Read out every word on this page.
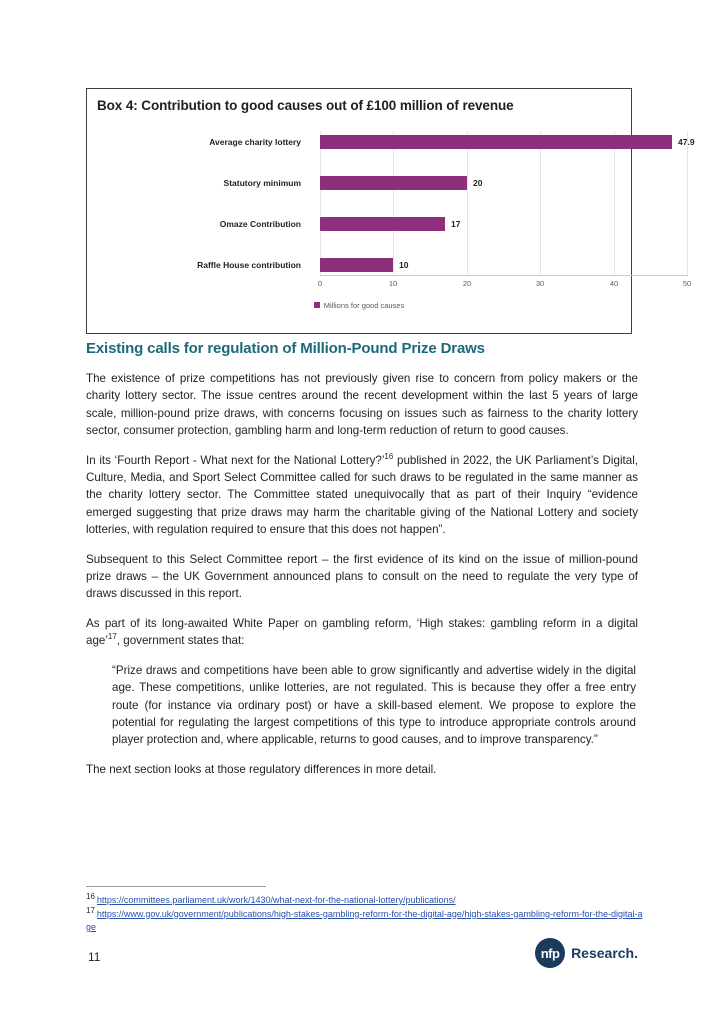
Box 4: Contribution to good causes out of £100 million of revenue
Average charity lottery	47.9
Statutory minimum	20
Omaze Contribution	17
Raffle House contribution	10
0	10	20	30	40	50
Millions for good causes
Existing calls for regulation of Million-Pound Prize Draws

The existence of prize competitions has not previously given rise to concern from policy makers or the charity lottery sector. The issue centres around the recent development within the last 5 years of large scale, million-pound prize draws, with concerns focusing on issues such as fairness to the charity lottery sector, consumer protection, gambling harm and long-term reduction of return to good causes.

In its ‘Fourth Report - What next for the National Lottery?’$^{16}$ published in 2022, the UK Parliament’s Digital, Culture, Media, and Sport Select Committee called for such draws to be regulated in the same manner as the charity lottery sector. The Committee stated unequivocally that as part of their Inquiry “evidence emerged suggesting that prize draws may harm the charitable giving of the National Lottery and society lotteries, with regulation required to ensure that this does not happen”.

Subsequent to this Select Committee report – the first evidence of its kind on the issue of million-pound prize draws – the UK Government announced plans to consult on the need to regulate the very type of draws discussed in this report.

As part of its long-awaited White Paper on gambling reform, ‘High stakes: gambling reform in a digital age’$^{17}$, government states that:

“Prize draws and competitions have been able to grow significantly and advertise widely in the digital age. These competitions, unlike lotteries, are not regulated. This is because they offer a free entry route (for instance via ordinary post) or have a skill-based element. We propose to explore the potential for regulating the largest competitions of this type to introduce appropriate controls around player protection and, where applicable, returns to good causes, and to improve transparency.”

The next section looks at those regulatory differences in more detail.

16 https://committees.parliament.uk/work/1430/what-next-for-the-national-lottery/publications/
17 https://www.gov.uk/government/publications/high-stakes-gambling-reform-for-the-digital-age/high-stakes-gambling-reform-for-the-digital-age
11	nfp Research.
